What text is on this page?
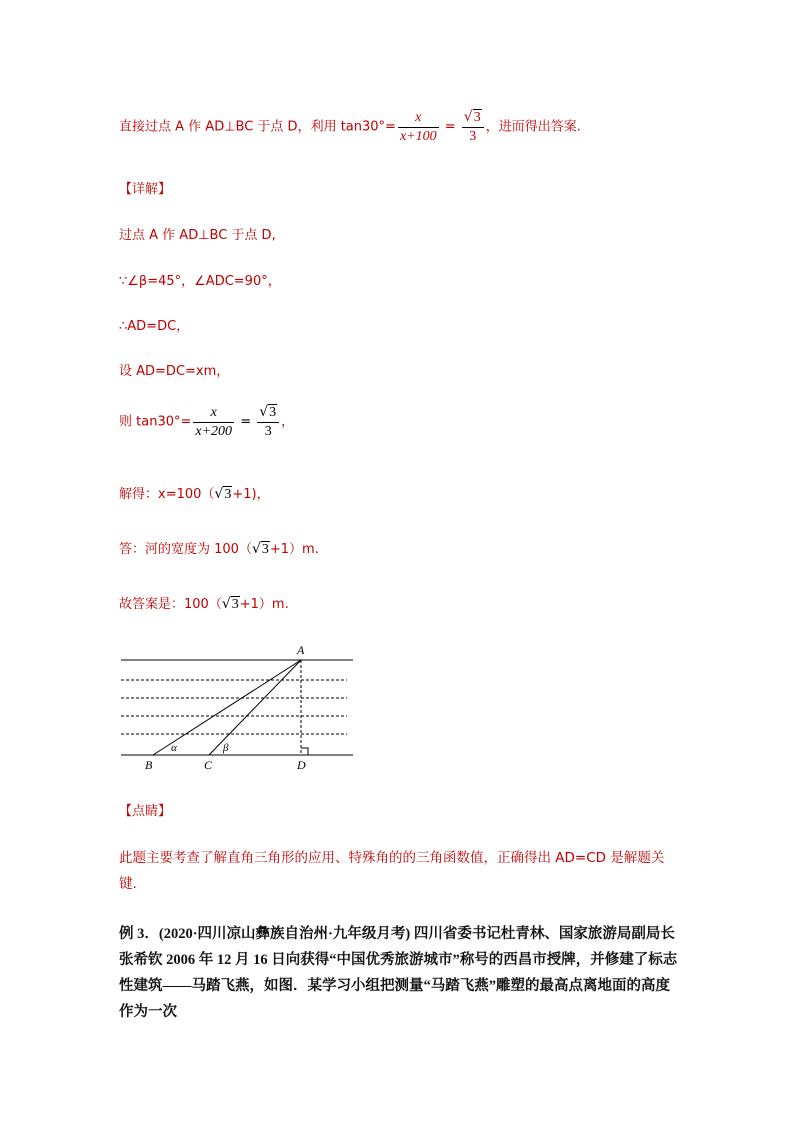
直接过点 A 作 AD⊥BC 于点 D，利用 $\tan 30^\circ= \frac{x}{x+100} = \frac{√3}{3}$ ，进而得出答案.
【详解】
过点 A 作 AD⊥BC 于点 D,
∵∠β=45°，∠ADC=90°，
∴AD=DC，
设 AD=DC=xm，
则 $\tan 30^\circ= \frac{x}{x+200} = \frac{√3}{3}$ ，
解得：x=100（√3+1)，
答：河的宽度为 100（√3+1）m.
故答案是：100（√3+1）m.
A
B	C	D
α	β
【点睛】
此题主要考查了解直角三角形的应用、特殊角的的三角函数值，正确得出 AD=CD 是解题关键.
例 3．(2020·四川凉山彝族自治州·九年级月考) 四川省委书记杜青林、国家旅游局副局长张希钦 2006 年 12 月 16 日向获得“中国优秀旅游城市”称号的西昌市授牌，并修建了标志性建筑——马踏飞燕，如图．某学习小组把测量“马踏飞燕”雕塑的最高点离地面的高度作为一次
